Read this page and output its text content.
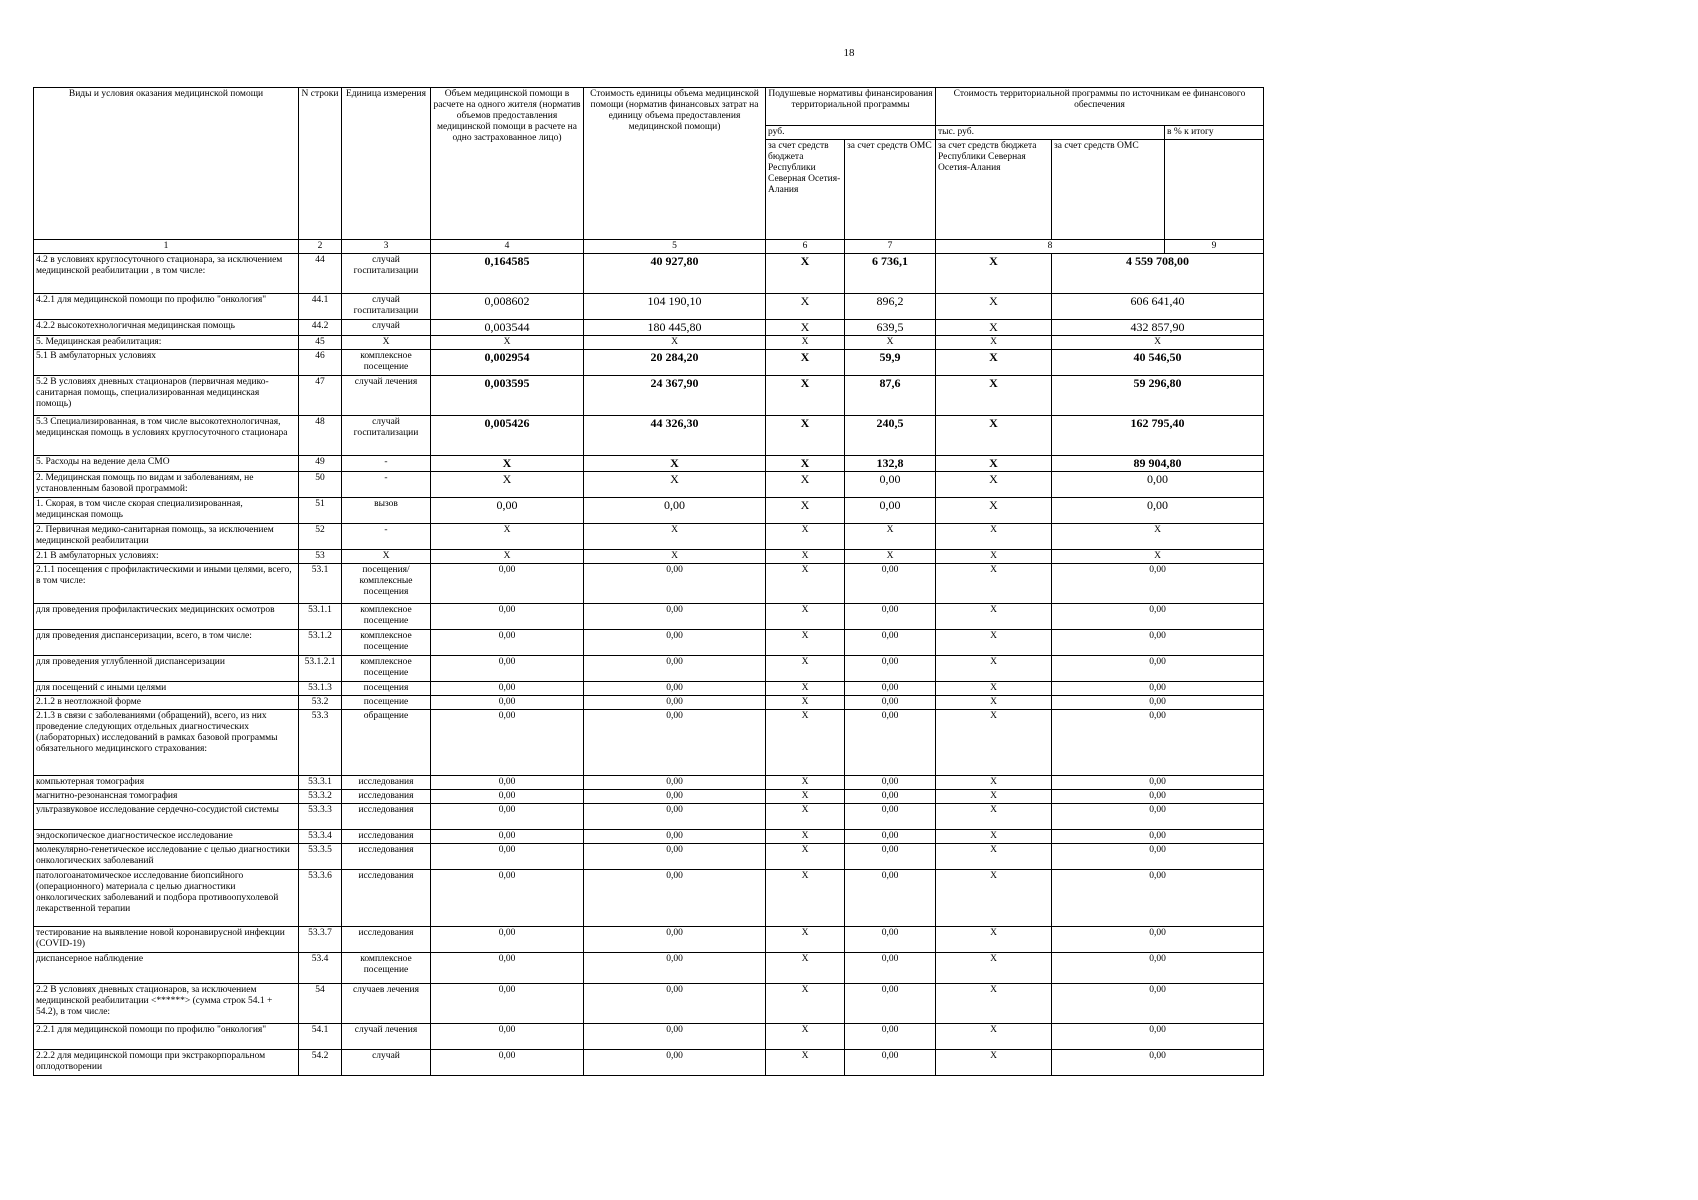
18
Виды и условия оказания медицинской помощи	N строки	Единица измерения	Объем медицинской помощи в расчете на одного жителя (норматив объемов предоставления медицинской помощи в расчете на одно застрахованное лицо)	Стоимость единицы объема медицинской помощи (норматив финансовых затрат на единицу объема предоставления медицинской помощи)	Подушевые нормативы финансирования территориальной программы		Стоимость территориальной программы по источникам ее финансового обеспечения			
					руб.		тыс. руб.		в % к итогу	
					за счет средств бюджета Республики Северная Осетия-Алания	за счет средств ОМС	за счет средств бюджета Республики Северная Осетия-Алания	за счет средств ОМС		
1	2	3	4	5	6	7	8		9	
4.2 в условиях круглосуточного стационара, за исключением медицинской реабилитации , в том числе:	44	случай госпитализации	0,164585	40 927,80	X	6 736,1	X	4 559 708,00	
4.2.1 для медицинской помощи по профилю "онкология"	44.1	случай госпитализации	0,008602	104 190,10	X	896,2	X	606 641,40	
4.2.2 высокотехнологичная медицинская помощь	44.2	случай	0,003544	180 445,80	X	639,5	X	432 857,90	
5. Медицинская реабилитация:	45	X	X	X	X	X	X	X	
5.1 В амбулаторных условиях	46	комплексное посещение	0,002954	20 284,20	X	59,9	X	40 546,50	
5.2 В условиях дневных стационаров (первичная медико-санитарная помощь, специализированная медицинская помощь)	47	случай лечения	0,003595	24 367,90	X	87,6	X	59 296,80	
5.3 Специализированная, в том числе высокотехнологичная, медицинская помощь в условиях круглосуточного стационара	48	случай госпитализации	0,005426	44 326,30	X	240,5	X	162 795,40	
5. Расходы на ведение дела СМО	49	-	X	X	X	132,8	X	89 904,80	
2. Медицинская помощь по видам и заболеваниям, не установленным базовой программой:	50	-	X	X	X	0,00	X	0,00	
1. Скорая, в том числе скорая специализированная, медицинская помощь	51	вызов	0,00	0,00	X	0,00	X	0,00	
2. Первичная медико-санитарная помощь, за исключением медицинской реабилитации	52	-	X	X	X	X	X	X	
2.1 В амбулаторных условиях:	53	X	X	X	X	X	X	X	
2.1.1 посещения с профилактическими и иными целями, всего, в том числе:	53.1	посещения/ комплексные посещения	0,00	0,00	X	0,00	X	0,00	
для проведения профилактических медицинских осмотров	53.1.1	комплексное посещение	0,00	0,00	X	0,00	X	0,00	
для проведения диспансеризации, всего, в том числе:	53.1.2	комплексное посещение	0,00	0,00	X	0,00	X	0,00	
для проведения углубленной диспансеризации	53.1.2.1	комплексное посещение	0,00	0,00	X	0,00	X	0,00	
для посещений с иными целями	53.1.3	посещения	0,00	0,00	X	0,00	X	0,00	
2.1.2 в неотложной форме	53.2	посещение	0,00	0,00	X	0,00	X	0,00	
2.1.3 в связи с заболеваниями (обращений), всего, из них проведение следующих отдельных диагностических (лабораторных) исследований в рамках базовой программы обязательного медицинского страхования:	53.3	обращение	0,00	0,00	X	0,00	X	0,00	
компьютерная томография	53.3.1	исследования	0,00	0,00	X	0,00	X	0,00	
магнитно-резонансная томография	53.3.2	исследования	0,00	0,00	X	0,00	X	0,00	
ультразвуковое исследование сердечно-сосудистой системы	53.3.3	исследования	0,00	0,00	X	0,00	X	0,00	
эндоскопическое диагностическое исследование	53.3.4	исследования	0,00	0,00	X	0,00	X	0,00	
молекулярно-генетическое исследование с целью диагностики онкологических заболеваний	53.3.5	исследования	0,00	0,00	X	0,00	X	0,00	
патологоанатомическое исследование биопсийного (операционного) материала с целью диагностики онкологических заболеваний и подбора противоопухолевой лекарственной терапии	53.3.6	исследования	0,00	0,00	X	0,00	X	0,00	
тестирование на выявление новой коронавирусной инфекции (COVID-19)	53.3.7	исследования	0,00	0,00	X	0,00	X	0,00	
диспансерное наблюдение	53.4	комплексное посещение	0,00	0,00	X	0,00	X	0,00	
2.2 В условиях дневных стационаров, за исключением медицинской реабилитации <******> (сумма строк 54.1 + 54.2), в том числе:	54	случаев лечения	0,00	0,00	X	0,00	X	0,00	
2.2.1 для медицинской помощи по профилю "онкология"	54.1	случай лечения	0,00	0,00	X	0,00	X	0,00	
2.2.2 для медицинской помощи при экстракорпоральном оплодотворении	54.2	случай	0,00	0,00	X	0,00	X	0,00	
